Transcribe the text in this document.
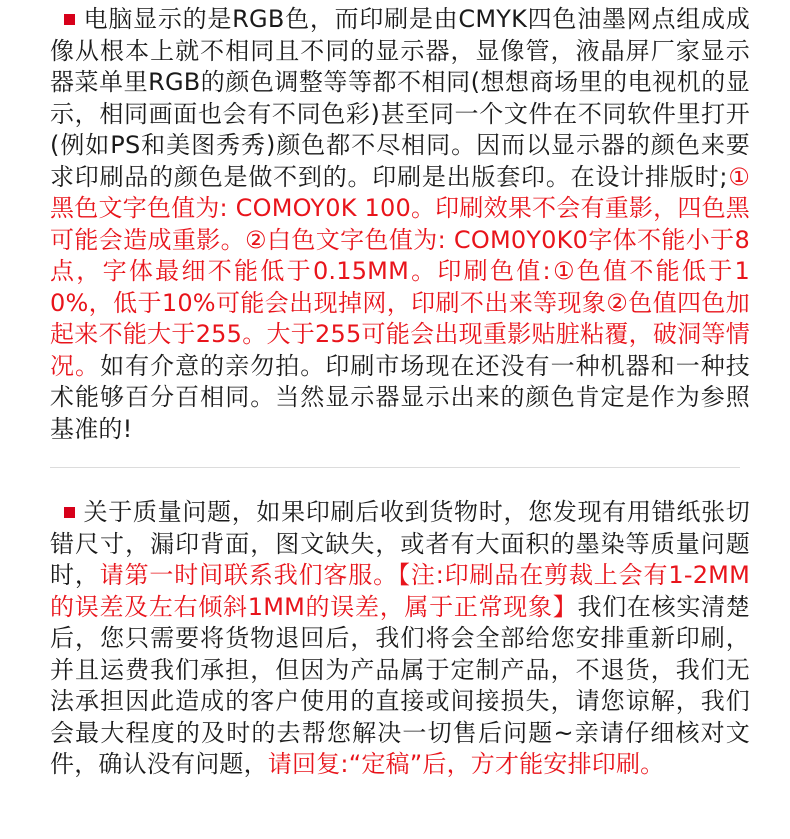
电脑显示的是RGB色，而印刷是由CMYK四色油墨网点组成成像从根本上就不相同且不同的显示器，显像管，液晶屏厂家显示器菜单里RGB的颜色调整等等都不相同(想想商场里的电视机的显示，相同画面也会有不同色彩)甚至同一个文件在不同软件里打开(例如PS和美图秀秀)颜色都不尽相同。因而以显示器的颜色来要求印刷品的颜色是做不到的。印刷是出版套印。在设计排版时;①黑色文字色值为: COMOY0K 100。印刷效果不会有重影，四色黑可能会造成重影。②白色文字色值为: COM0Y0K0字体不能小于8点，字体最细不能低于0.15MM。印刷色值:①色值不能低于10%，低于10%可能会出现掉网，印刷不出来等现象②色值四色加起来不能大于255。大于255可能会出现重影贴脏粘覆，破洞等情况。如有介意的亲勿拍。印刷市场现在还没有一种机器和一种技术能够百分百相同。当然显示器显示出来的颜色肯定是作为参照基准的!
关于质量问题，如果印刷后收到货物时，您发现有用错纸张切错尺寸，漏印背面，图文缺失，或者有大面积的墨染等质量问题时，请第一时间联系我们客服。【注:印刷品在剪裁上会有1-2MM的误差及左右倾斜1MM的误差，属于正常现象】我们在核实清楚后，您只需要将货物退回后，我们将会全部给您安排重新印刷，并且运费我们承担，但因为产品属于定制产品，不退货，我们无法承担因此造成的客户使用的直接或间接损失，请您谅解，我们会最大程度的及时的去帮您解决一切售后问题~亲请仔细核对文件，确认没有问题，请回复:“定稿”后，方才能安排印刷。
